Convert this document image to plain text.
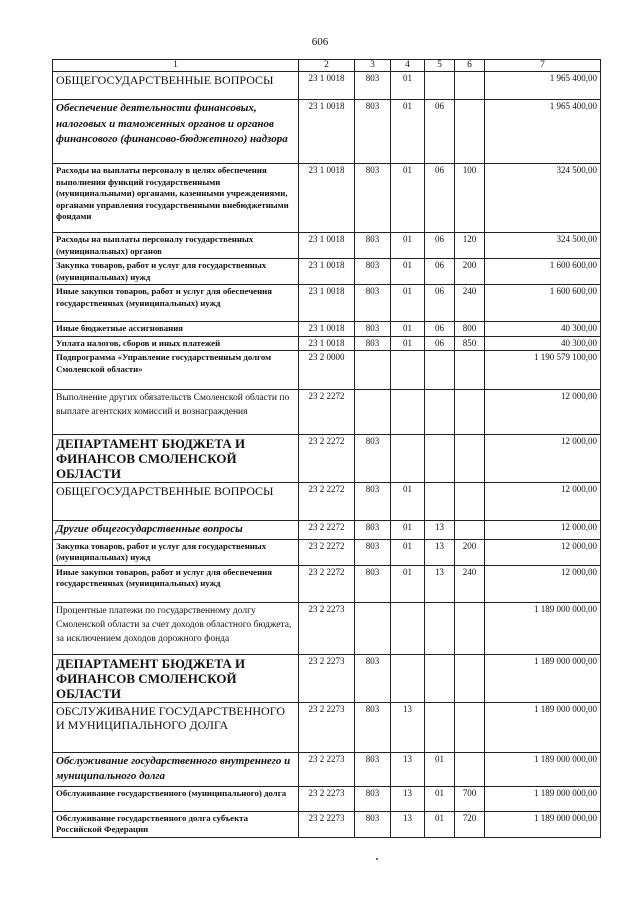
606
1	2	3	4	5	6	7
ОБЩЕГОСУДАРСТВЕННЫЕ ВОПРОСЫ	23 1 0018	803	01			1 965 400,00
Обеспечение деятельности финансовых, налоговых и таможенных органов и органов финансового (финансово-бюджетного) надзора	23 1 0018	803	01	06		1 965 400,00
Расходы на выплаты персоналу в целях обеспечения выполнения функций государственными (муниципальными) органами, казенными учреждениями, органами управления государственными внебюджетными фондами	23 1 0018	803	01	06	100	324 500,00
Расходы на выплаты персоналу государственных (муниципальных) органов	23 1 0018	803	01	06	120	324 500,00
Закупка товаров, работ и услуг для государственных (муниципальных) нужд	23 1 0018	803	01	06	200	1 600 600,00
Иные закупки товаров, работ и услуг для обеспечения государственных (муниципальных) нужд	23 1 0018	803	01	06	240	1 600 600,00
Иные бюджетные ассигнования	23 1 0018	803	01	06	800	40 300,00
Уплата налогов, сборов и иных платежей	23 1 0018	803	01	06	850	40 300,00
Подпрограмма «Управление государственным долгом Смоленской области»	23 2 0000					1 190 579 100,00
Выполнение других обязательств Смоленской области по выплате агентских комиссий и вознаграждения	23 2 2272					12 000,00
ДЕПАРТАМЕНТ БЮДЖЕТА И ФИНАНСОВ СМОЛЕНСКОЙ ОБЛАСТИ	23 2 2272	803				12 000,00
ОБЩЕГОСУДАРСТВЕННЫЕ ВОПРОСЫ	23 2 2272	803	01			12 000,00
Другие общегосударственные вопросы	23 2 2272	803	01	13		12 000,00
Закупка товаров, работ и услуг для государственных (муниципальных) нужд	23 2 2272	803	01	13	200	12 000,00
Иные закупки товаров, работ и услуг для обеспечения государственных (муниципальных) нужд	23 2 2272	803	01	13	240	12 000,00
Процентные платежи по государственному долгу Смоленской области за счет доходов областного бюджета, за исключением доходов дорожного фонда	23 2 2273					1 189 000 000,00
ДЕПАРТАМЕНТ БЮДЖЕТА И ФИНАНСОВ СМОЛЕНСКОЙ ОБЛАСТИ	23 2 2273	803				1 189 000 000,00
ОБСЛУЖИВАНИЕ ГОСУДАРСТВЕННОГО И МУНИЦИПАЛЬНОГО ДОЛГА	23 2 2273	803	13			1 189 000 000,00
Обслуживание государственного внутреннего и муниципального долга	23 2 2273	803	13	01		1 189 000 000,00
Обслуживание государственного (муниципального) долга	23 2 2273	803	13	01	700	1 189 000 000,00
Обслуживание государственного долга субъекта Российской Федерации	23 2 2273	803	13	01	720	1 189 000 000,00
